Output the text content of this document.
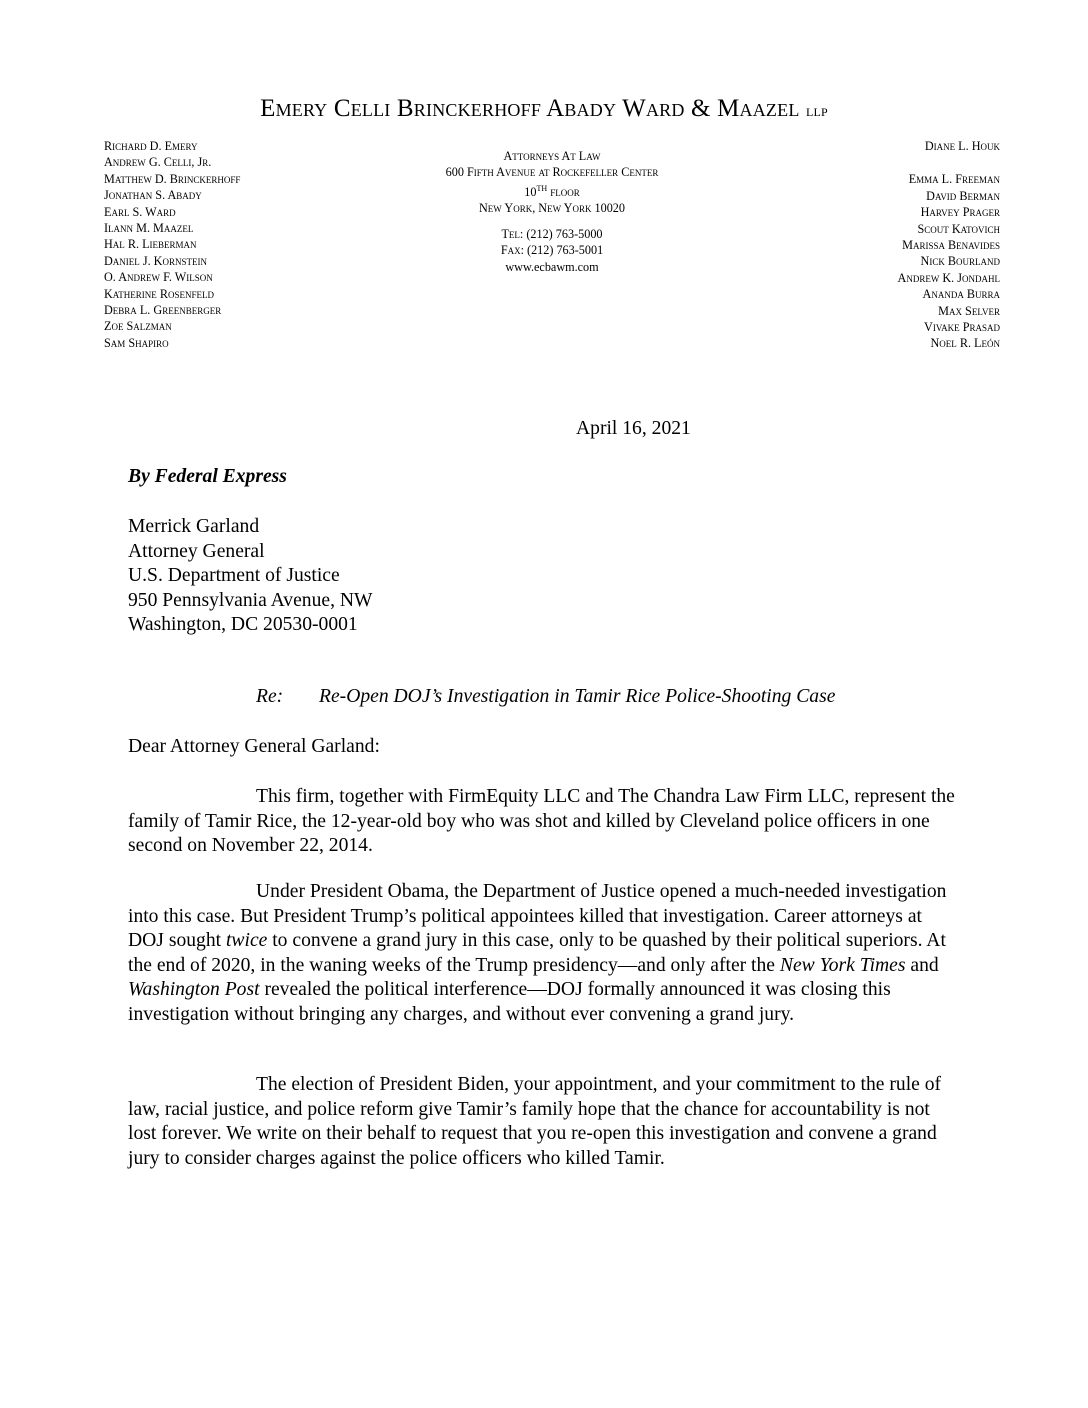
Emery Celli Brinckerhoff Abady Ward & Maazel llp
Richard D. Emery
Andrew G. Celli, Jr.
Matthew D. Brinckerhoff
Jonathan S. Abady
Earl S. Ward
Ilann M. Maazel
Hal R. Lieberman
Daniel J. Kornstein
O. Andrew F. Wilson
Katherine Rosenfeld
Debra L. Greenberger
Zoe Salzman
Sam Shapiro
Attorneys At Law
600 Fifth Avenue at Rockefeller Center
10TH floor
New York, New York 10020
Tel: (212) 763-5000
Fax: (212) 763-5001
www.ecbawm.com
Diane L. Houk
Emma L. Freeman
David Berman
Harvey Prager
Scout Katovich
Marissa Benavides
Nick Bourland
Andrew K. Jondahl
Ananda Burra
Max Selver
Vivake Prasad
Noel R. León
April 16, 2021
By Federal Express
Merrick Garland
Attorney General
U.S. Department of Justice
950 Pennsylvania Avenue, NW
Washington, DC 20530-0001
Re: Re-Open DOJ’s Investigation in Tamir Rice Police-Shooting Case
Dear Attorney General Garland:
This firm, together with FirmEquity LLC and The Chandra Law Firm LLC, represent the family of Tamir Rice, the 12-year-old boy who was shot and killed by Cleveland police officers in one second on November 22, 2014.
Under President Obama, the Department of Justice opened a much-needed investigation into this case. But President Trump’s political appointees killed that investigation. Career attorneys at DOJ sought twice to convene a grand jury in this case, only to be quashed by their political superiors. At the end of 2020, in the waning weeks of the Trump presidency—and only after the New York Times and Washington Post revealed the political interference—DOJ formally announced it was closing this investigation without bringing any charges, and without ever convening a grand jury.
The election of President Biden, your appointment, and your commitment to the rule of law, racial justice, and police reform give Tamir’s family hope that the chance for accountability is not lost forever. We write on their behalf to request that you re-open this investigation and convene a grand jury to consider charges against the police officers who killed Tamir.
